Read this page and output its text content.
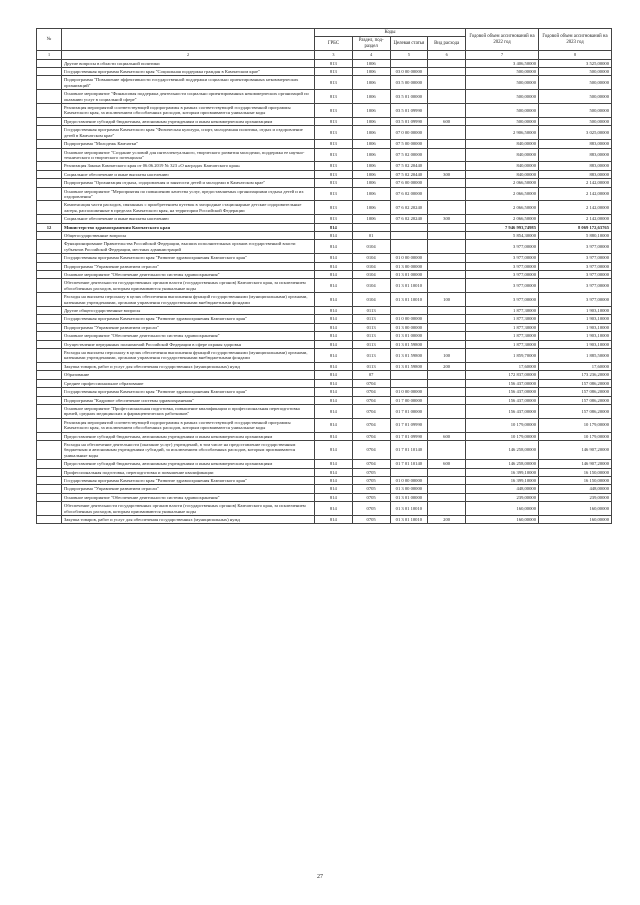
№		Коды				Годовой объем ассигнований на 2022 год	Годовой объем ассигнований на 2023 год
		ГРБС	Раздел, под-раздел	Целевая статья	Вид расхода		
1	2	3	4	5	6	7	8
	Другие вопросы в области социальной политики	813	1006			3 406,50000	3 525,00000
	Государственная программа Камчатского края "Социальная поддержка граждан в Камчатском крае"	813	1006	03 0 00 00000		500,00000	500,00000
	Подпрограмма "Повышение эффективности государственной поддержки социально ориентированных некоммерческих организаций"	813	1006	03 5 00 00000		500,00000	500,00000
	Основное мероприятие "Финансовая поддержка деятельности социально ориентированных некоммерческих организаций по оказанию услуг в социальной сфере"	813	1006	03 5 01 00000		500,00000	500,00000
	Реализация мероприятий соответствующей подпрограммы в рамках соответствующей государственной программы Камчатского края, за исключением обособленных расходов, которым присваиваются уникальные коды	813	1006	03 5 01 09990		500,00000	500,00000
	Предоставление субсидий бюджетным, автономным учреждениям и иным некоммерческим организациям	813	1006	03 5 01 09990	600	500,00000	500,00000
	Государственная программа Камчатского края "Физическая культура, спорт, молодежная политика, отдых и оздоровление детей в Камчатском крае"	813	1006	07 0 00 00000		2 906,50000	3 025,00000
	Подпрограмма "Молодежь Камчатки"	813	1006	07 5 00 00000		840,00000	883,00000
	Основное мероприятие "Создание условий для интеллектуального, творческого развития молодежи, поддержка ее научно-технического и творческого потенциала"	813	1006	07 5 02 00000		840,00000	883,00000
	Реализация Закона Камчатского края от 06.06.2019 № 323 «О наградах Камчатского края»	813	1006	07 5 02 20440		840,00000	883,00000
	Социальное обеспечение и иные выплаты населению	813	1006	07 5 02 20440	300	840,00000	883,00000
	Подпрограмма "Организация отдыха, оздоровления и занятости детей и молодежи в Камчатском крае"	813	1006	07 6 00 00000		2 066,50000	2 142,00000
	Основное мероприятие "Мероприятия по повышению качества услуг, предоставляемых организациями отдыха детей и их оздоровления"	813	1006	07 6 02 00000		2 066,50000	2 142,00000
	Компенсация части расходов, связанных с приобретением путевок в загородные стационарные детские оздоровительные лагеря, расположенные в пределах Камчатского края, на территории Российской Федерации	813	1006	07 6 02 20240		2 066,50000	2 142,00000
	Социальное обеспечение и иные выплаты населению	813	1006	07 6 02 20240	300	2 066,50000	2 142,00000
12	Министерство здравоохранения Камчатского края	814				7 946 993,74985	8 069 172,63765
	Общегосударственные вопросы	814	01			5 854,30000	5 880,10000
	Функционирование Правительства Российской Федерации, высших исполнительных органов государственной власти субъектов Российской Федерации, местных администраций	814	0104			3 977,00000	3 977,00000
	Государственная программа Камчатского края "Развитие здравоохранения Камчатского края"	814	0104	01 0 00 00000		3 977,00000	3 977,00000
	Подпрограмма "Управление развитием отрасли"	814	0104	01 3 00 00000		3 977,00000	3 977,00000
	Основное мероприятие "Обеспечение деятельности системы здравоохранения"	814	0104	01 3 01 00000		3 977,00000	3 977,00000
	Обеспечение деятельности государственных органов власти (государственных органов) Камчатского края, за исключением обособленных расходов, которым присваиваются уникальные коды	814	0104	01 3 01 10010		3 977,00000	3 977,00000
	Расходы на выплаты персоналу в целях обеспечения выполнения функций государственными (муниципальными) органами, казенными учреждениями, органами управления государственными внебюджетными фондами	814	0104	01 3 01 10010	100	3 977,00000	3 977,00000
	Другие общегосударственные вопросы	814	0113			1 877,30000	1 903,10000
	Государственная программа Камчатского края "Развитие здравоохранения Камчатского края"	814	0113	01 0 00 00000		1 877,30000	1 903,10000
	Подпрограмма "Управление развитием отрасли"	814	0113	01 3 00 00000		1 877,30000	1 903,10000
	Основное мероприятие "Обеспечение деятельности системы здравоохранения"	814	0113	01 3 01 00000		1 877,30000	1 903,10000
	Осуществление переданных полномочий Российской Федерации в сфере охраны здоровья	814	0113	01 3 01 59800		1 877,30000	1 903,10000
	Расходы на выплаты персоналу в целях обеспечения выполнения функций государственными (муниципальными) органами, казенными учреждениями, органами управления государственными внебюджетными фондами	814	0113	01 3 01 59800	100	1 859,70000	1 885,50000
	Закупка товаров, работ и услуг для обеспечения государственных (муниципальных) нужд	814	0113	01 3 01 59800	200	17,60000	17,60000
	Образование	814	07			172 837,00000	173 236,20000
	Среднее профессиональное образование	814	0704			156 437,00000	157 086,20000
	Государственная программа Камчатского края "Развитие здравоохранения Камчатского края"	814	0704	01 0 00 00000		156 437,00000	157 086,20000
	Подпрограмма "Кадровое обеспечение системы здравоохранения"	814	0704	01 7 00 00000		156 437,00000	157 086,20000
	Основное мероприятие "Профессиональная подготовка, повышение квалификации и профессиональная переподготовка врачей, средних медицинских и фармацевтических работников"	814	0704	01 7 01 00000		156 437,00000	157 086,20000
	Реализация мероприятий соответствующей подпрограммы в рамках соответствующей государственной программы Камчатского края, за исключением обособленных расходов, которым присваиваются уникальные коды	814	0704	01 7 01 09990		10 179,00000	10 179,00000
	Предоставление субсидий бюджетным, автономным учреждениям и иным некоммерческим организациям	814	0704	01 7 01 09990	600	10 179,00000	10 179,00000
	Расходы на обеспечение деятельности (оказание услуг) учреждений, в том числе на предоставление государственным бюджетным и автономным учреждениям субсидий, за исключением обособленных расходов, которым присваиваются уникальные коды	814	0704	01 7 01 10140		146 258,00000	146 907,20000
	Предоставление субсидий бюджетным, автономным учреждениям и иным некоммерческим организациям	814	0704	01 7 01 10140	600	146 258,00000	146 907,20000
	Профессиональная подготовка, переподготовка и повышение квалификации	814	0705			16 399,10000	16 150,00000
	Государственная программа Камчатского края "Развитие здравоохранения Камчатского края"	814	0705	01 0 00 00000		16 399,10000	16 150,00000
	Подпрограмма "Управление развитием отрасли"	814	0705	01 3 00 00000		448,00000	448,00000
	Основное мероприятие "Обеспечение деятельности системы здравоохранения"	814	0705	01 3 01 00000		239,00000	239,00000
	Обеспечение деятельности государственных органов власти (государственных органов) Камчатского края, за исключением обособленных расходов, которым присваиваются уникальные коды	814	0705	01 3 01 10010		160,00000	160,00000
	Закупка товаров, работ и услуг для обеспечения государственных (муниципальных) нужд	814	0705	01 3 01 10010	200	160,00000	160,00000
27
